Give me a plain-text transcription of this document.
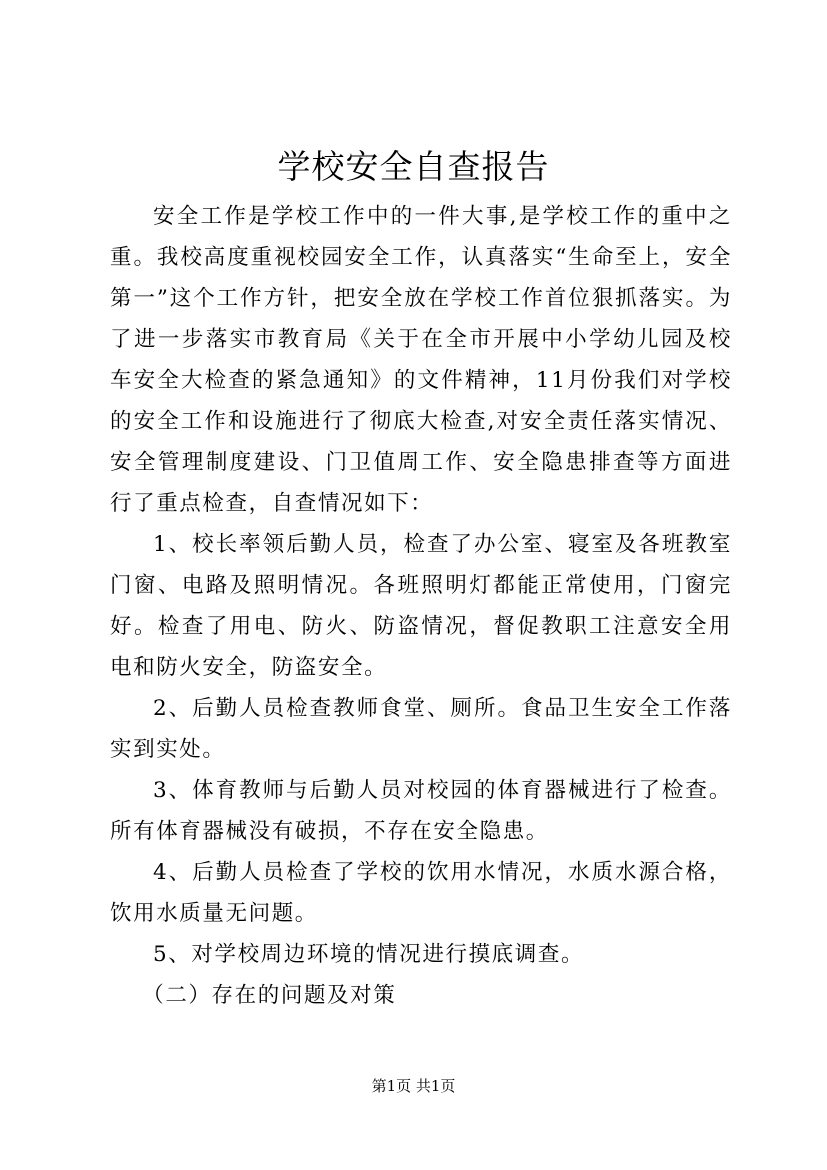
学校安全自查报告

安全工作是学校工作中的一件大事,是学校工作的重中之重。我校高度重视校园安全工作，认真落实“生命至上，安全第一”这个工作方针，把安全放在学校工作首位狠抓落实。为了进一步落实市教育局《关于在全市开展中小学幼儿园及校车安全大检查的紧急通知》的文件精神，11月份我们对学校的安全工作和设施进行了彻底大检查,对安全责任落实情况、安全管理制度建设、门卫值周工作、安全隐患排查等方面进行了重点检查，自查情况如下：

1、校长率领后勤人员，检查了办公室、寝室及各班教室门窗、电路及照明情况。各班照明灯都能正常使用，门窗完好。检查了用电、防火、防盗情况，督促教职工注意安全用电和防火安全，防盗安全。

2、后勤人员检查教师食堂、厕所。食品卫生安全工作落实到实处。

3、体育教师与后勤人员对校园的体育器械进行了检查。所有体育器械没有破损，不存在安全隐患。

4、后勤人员检查了学校的饮用水情况，水质水源合格，饮用水质量无问题。

5、对学校周边环境的情况进行摸底调查。

（二）存在的问题及对策

第1页 共1页
